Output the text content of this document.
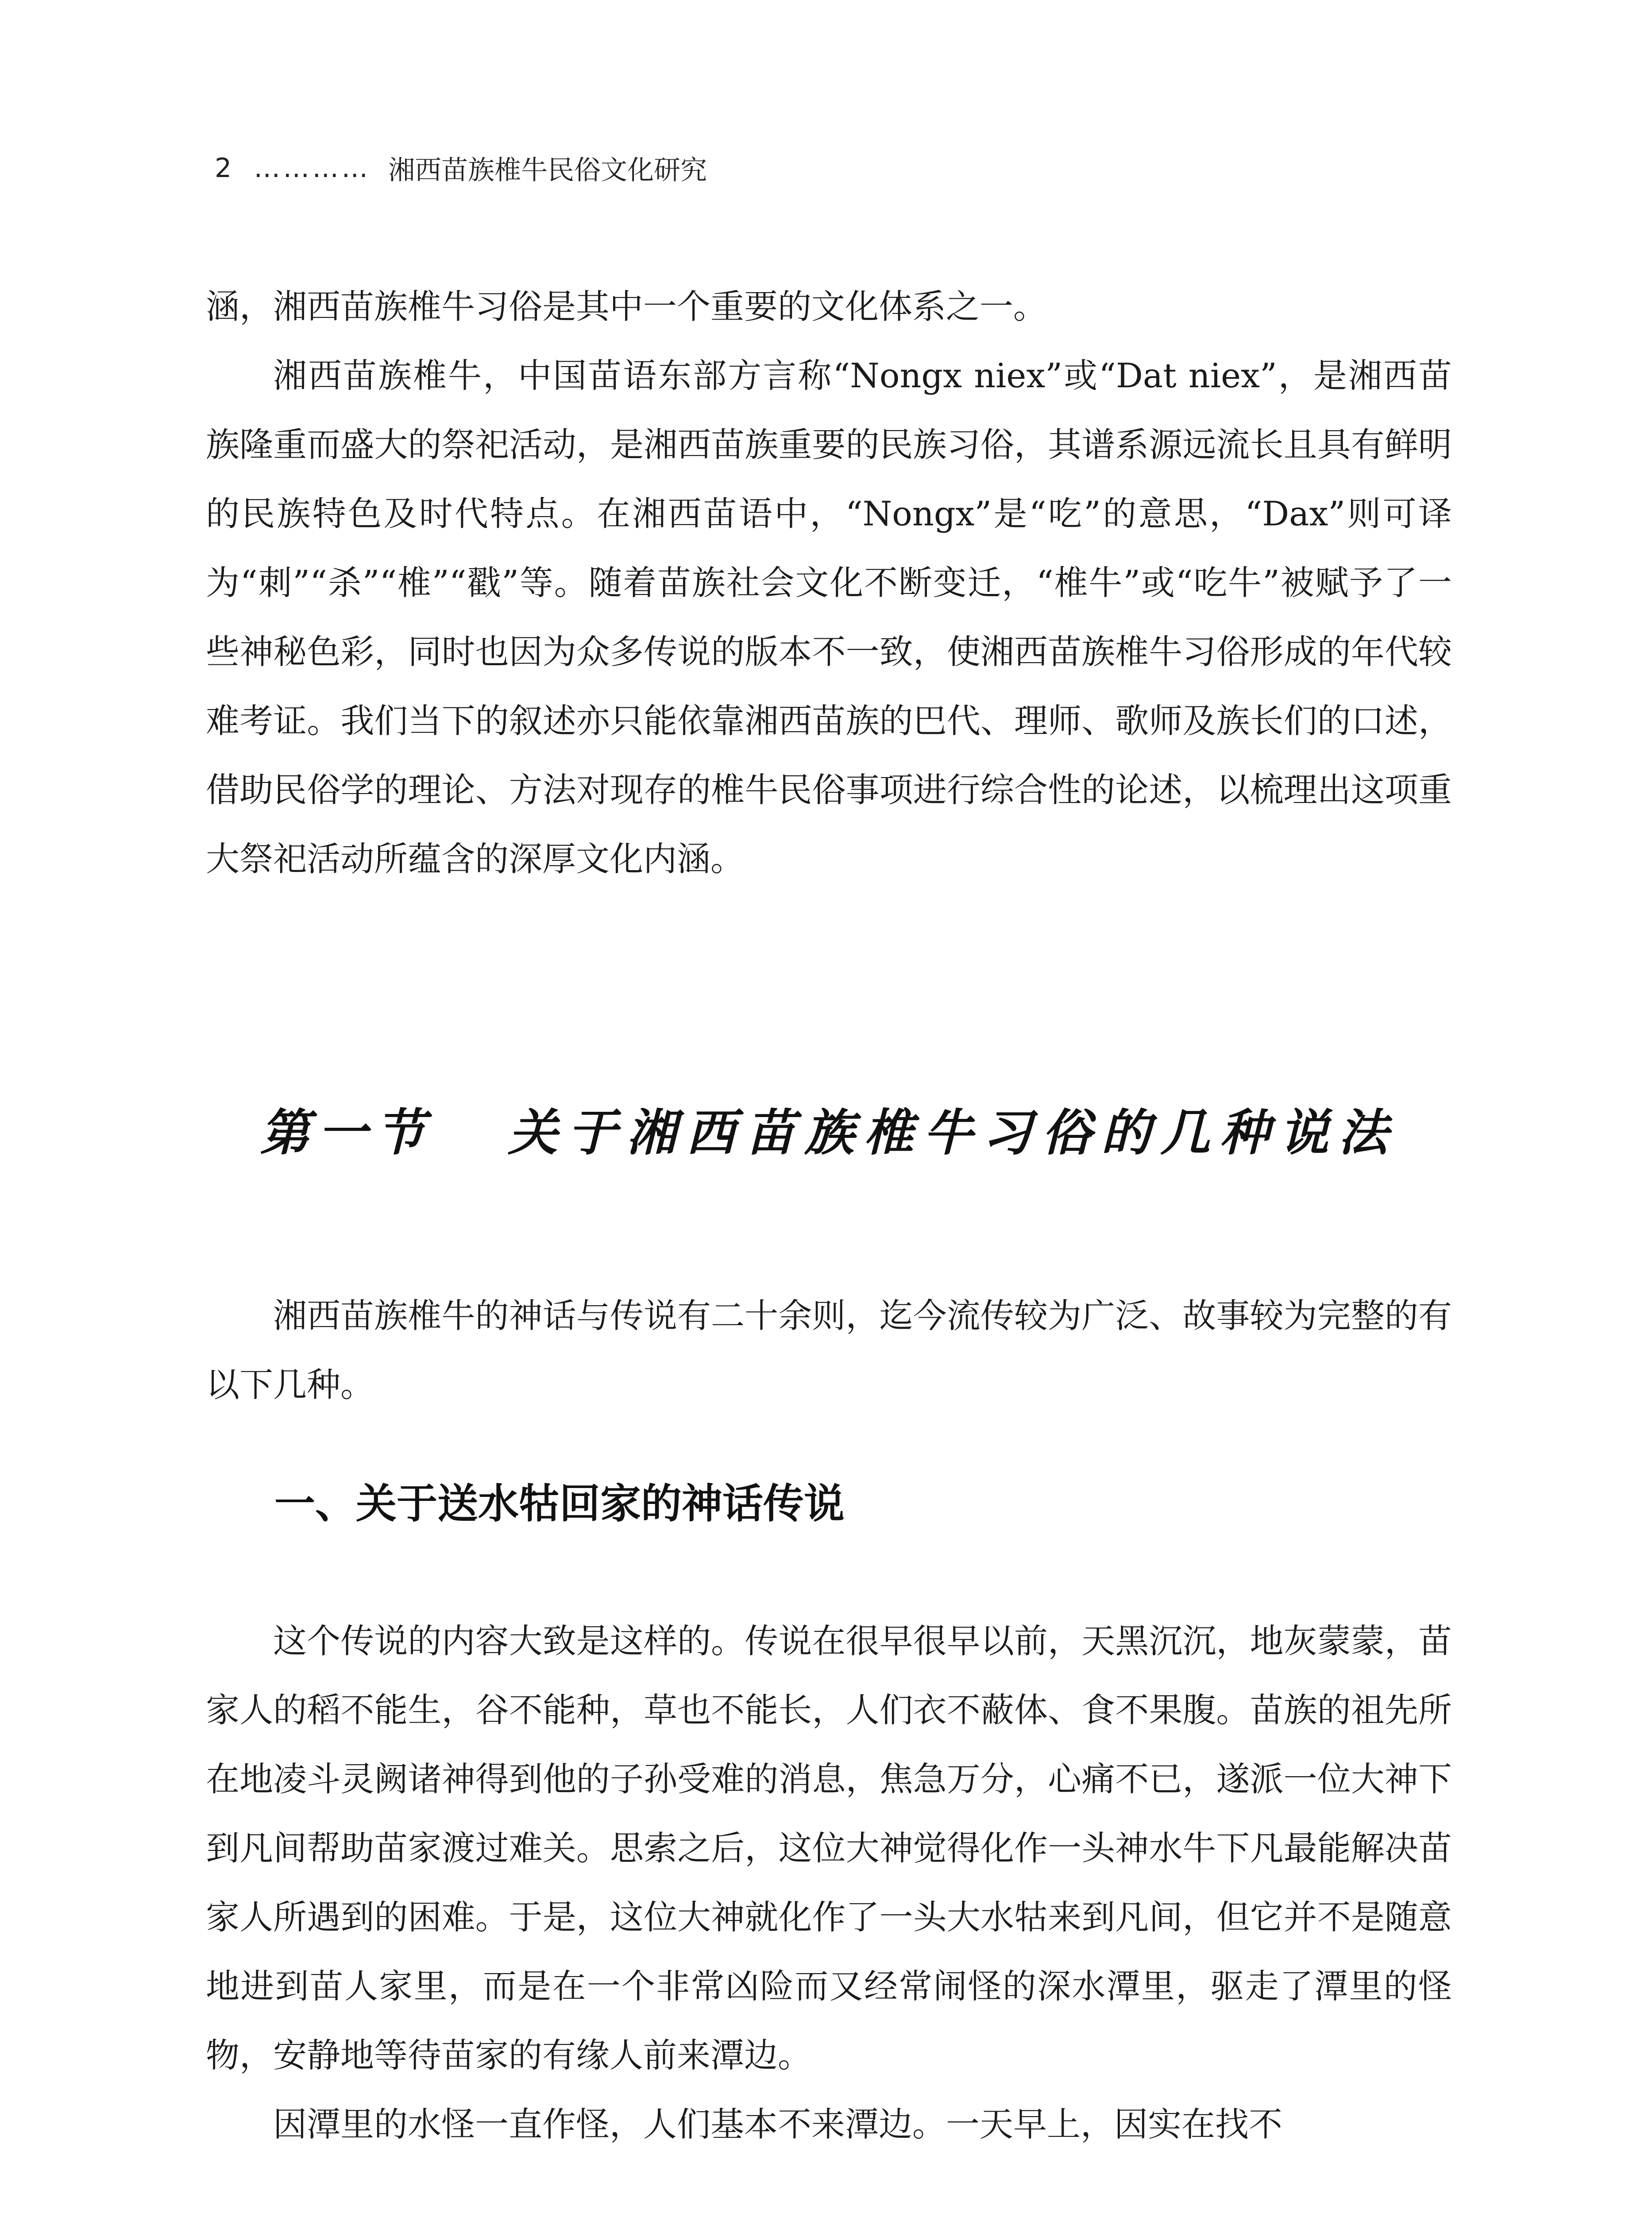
2 ………… 湘西苗族椎牛民俗文化研究

涵，湘西苗族椎牛习俗是其中一个重要的文化体系之一。

湘西苗族椎牛，中国苗语东部方言称“Nongx niex”或“Dat niex”，是湘西苗族隆重而盛大的祭祀活动，是湘西苗族重要的民族习俗，其谱系源远流长且具有鲜明的民族特色及时代特点。在湘西苗语中，“Nongx”是“吃”的意思，“Dax”则可译为“刺”“杀”“椎”“戳”等。随着苗族社会文化不断变迁，“椎牛”或“吃牛”被赋予了一些神秘色彩，同时也因为众多传说的版本不一致，使湘西苗族椎牛习俗形成的年代较难考证。我们当下的叙述亦只能依靠湘西苗族的巴代、理师、歌师及族长们的口述，借助民俗学的理论、方法对现存的椎牛民俗事项进行综合性的论述，以梳理出这项重大祭祀活动所蕴含的深厚文化内涵。

第一节 关于湘西苗族椎牛习俗的几种说法

湘西苗族椎牛的神话与传说有二十余则，迄今流传较为广泛、故事较为完整的有以下几种。

一、关于送水牯回家的神话传说

这个传说的内容大致是这样的。传说在很早很早以前，天黑沉沉，地灰蒙蒙，苗家人的稻不能生，谷不能种，草也不能长，人们衣不蔽体、食不果腹。苗族的祖先所在地凌斗灵阙诸神得到他的子孙受难的消息，焦急万分，心痛不已，遂派一位大神下到凡间帮助苗家渡过难关。思索之后，这位大神觉得化作一头神水牛下凡最能解决苗家人所遇到的困难。于是，这位大神就化作了一头大水牯来到凡间，但它并不是随意地进到苗人家里，而是在一个非常凶险而又经常闹怪的深水潭里，驱走了潭里的怪物，安静地等待苗家的有缘人前来潭边。

因潭里的水怪一直作怪，人们基本不来潭边。一天早上，因实在找不
